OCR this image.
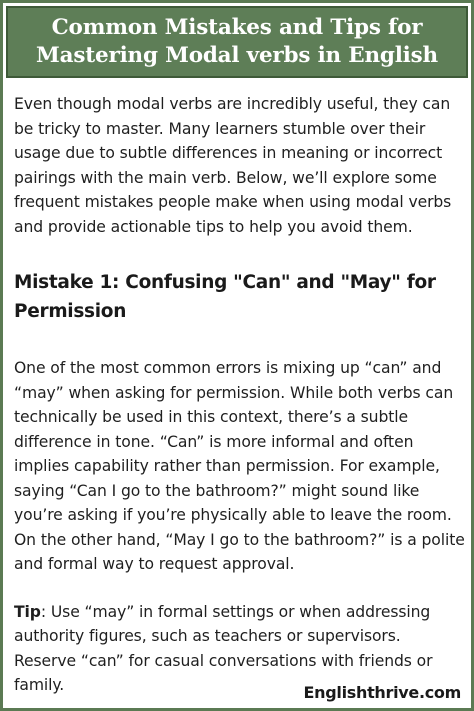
Common Mistakes and Tips for
Mastering Modal verbs in English

Even though modal verbs are incredibly useful, they can be tricky to master. Many learners stumble over their usage due to subtle differences in meaning or incorrect pairings with the main verb. Below, we’ll explore some frequent mistakes people make when using modal verbs and provide actionable tips to help you avoid them.

Mistake 1: Confusing "Can" and "May" for Permission

One of the most common errors is mixing up “can” and “may” when asking for permission. While both verbs can technically be used in this context, there’s a subtle difference in tone. “Can” is more informal and often implies capability rather than permission. For example, saying “Can I go to the bathroom?” might sound like you’re asking if you’re physically able to leave the room. On the other hand, “May I go to the bathroom?” is a polite and formal way to request approval.

Tip: Use “may” in formal settings or when addressing authority figures, such as teachers or supervisors. Reserve “can” for casual conversations with friends or family.	Englishthrive.com
